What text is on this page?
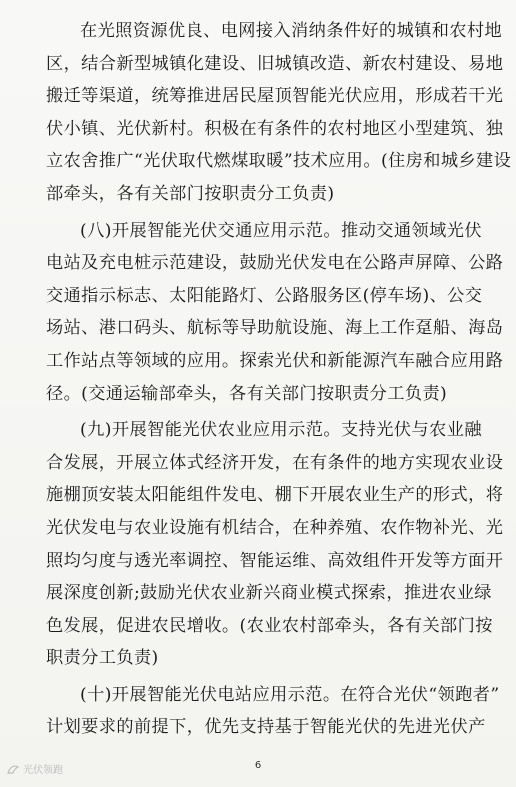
在光照资源优良、电网接入消纳条件好的城镇和农村地
区，结合新型城镇化建设、旧城镇改造、新农村建设、易地
搬迁等渠道，统筹推进居民屋顶智能光伏应用，形成若干光
伏小镇、光伏新村。积极在有条件的农村地区小型建筑、独
立农舍推广“光伏取代燃煤取暖”技术应用。(住房和城乡建设
部牵头，各有关部门按职责分工负责)
(八)开展智能光伏交通应用示范。推动交通领域光伏
电站及充电桩示范建设，鼓励光伏发电在公路声屏障、公路
交通指示标志、太阳能路灯、公路服务区(停车场)、公交
场站、港口码头、航标等导助航设施、海上工作趸船、海岛
工作站点等领域的应用。探索光伏和新能源汽车融合应用路
径。(交通运输部牵头，各有关部门按职责分工负责)
(九)开展智能光伏农业应用示范。支持光伏与农业融
合发展，开展立体式经济开发，在有条件的地方实现农业设
施棚顶安装太阳能组件发电、棚下开展农业生产的形式，将
光伏发电与农业设施有机结合，在种养殖、农作物补光、光
照均匀度与透光率调控、智能运维、高效组件开发等方面开
展深度创新;鼓励光伏农业新兴商业模式探索，推进农业绿
色发展，促进农民增收。(农业农村部牵头，各有关部门按
职责分工负责)
(十)开展智能光伏电站应用示范。在符合光伏“领跑者”
计划要求的前提下，优先支持基于智能光伏的先进光伏产
6
光伏领跑
